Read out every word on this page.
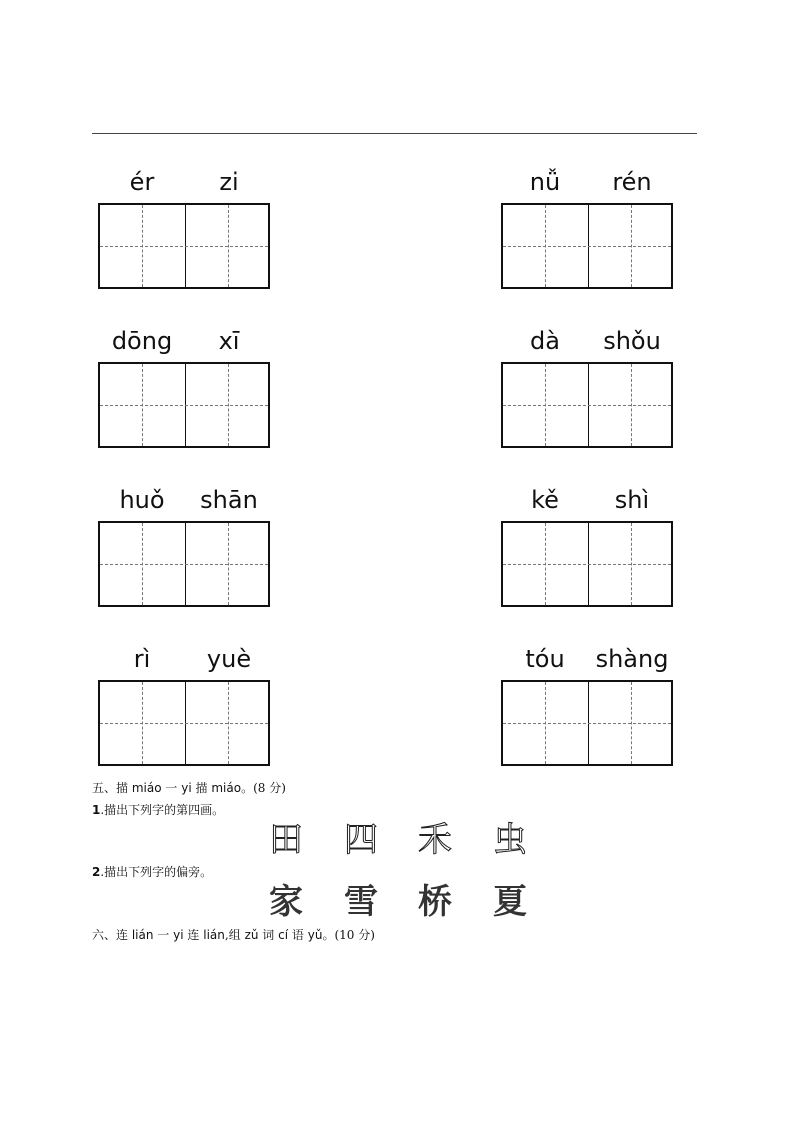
ér	zi	nǚ	rén
dōng	xī	dà	shǒu
huǒ	shān	kě	shì
rì	yuè	tóu	shàng
五、描 miáo 一 yi 描 miáo。(8 分)
1.描出下列字的第四画。
田	四	禾	虫
2.描出下列字的偏旁。
家	雪	桥	夏
六、连 lián 一 yi 连 lián,组 zǔ 词 cí 语 yǔ。(10 分)
